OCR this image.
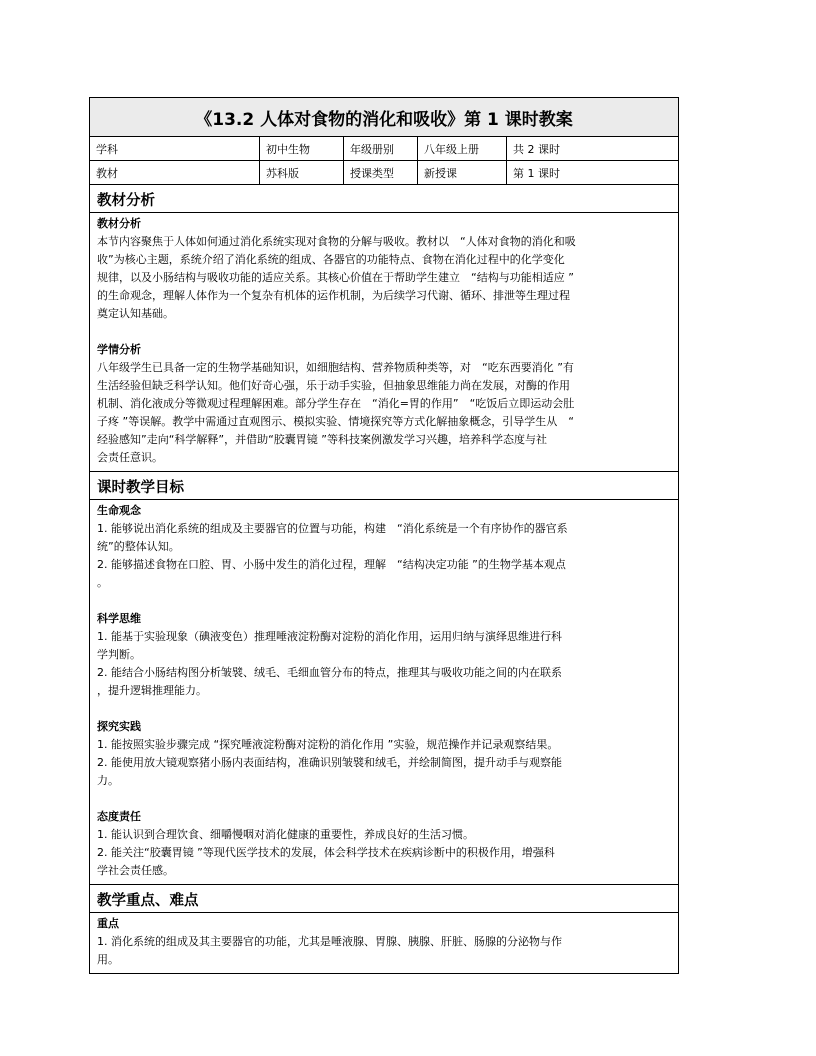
《13.2 人体对食物的消化和吸收》第 1 课时教案
学科	初中生物	年级册别	八年级上册	共 2 课时
教材	苏科版	授课类型	新授课	第 1 课时
教材分析
教材分析
本节内容聚焦于人体如何通过消化系统实现对食物的分解与吸收。教材以　“人体对食物的消化和吸
收”为核心主题，系统介绍了消化系统的组成、各器官的功能特点、食物在消化过程中的化学变化
规律，以及小肠结构与吸收功能的适应关系。其核心价值在于帮助学生建立　“结构与功能相适应 ”
的生命观念，理解人体作为一个复杂有机体的运作机制，为后续学习代谢、循环、排泄等生理过程
奠定认知基础。
学情分析
八年级学生已具备一定的生物学基础知识，如细胞结构、营养物质种类等，对　“吃东西要消化 ”有
生活经验但缺乏科学认知。他们好奇心强，乐于动手实验，但抽象思维能力尚在发展，对酶的作用
机制、消化液成分等微观过程理解困难。部分学生存在　“消化=胃的作用”　“吃饭后立即运动会肚
子疼 ”等误解。教学中需通过直观图示、模拟实验、情境探究等方式化解抽象概念，引导学生从　“
经验感知”走向“科学解释”，并借助“胶囊胃镜 ”等科技案例激发学习兴趣，培养科学态度与社
会责任意识。
课时教学目标
生命观念
1. 能够说出消化系统的组成及主要器官的位置与功能，构建　“消化系统是一个有序协作的器官系
统”的整体认知。
2. 能够描述食物在口腔、胃、小肠中发生的消化过程，理解　“结构决定功能 ”的生物学基本观点
。
科学思维
1. 能基于实验现象（碘液变色）推理唾液淀粉酶对淀粉的消化作用，运用归纳与演绎思维进行科
学判断。
2. 能结合小肠结构图分析皱襞、绒毛、毛细血管分布的特点，推理其与吸收功能之间的内在联系
，提升逻辑推理能力。
探究实践
1. 能按照实验步骤完成 “探究唾液淀粉酶对淀粉的消化作用 ”实验，规范操作并记录观察结果。
2. 能使用放大镜观察猪小肠内表面结构，准确识别皱襞和绒毛，并绘制简图，提升动手与观察能
力。
态度责任
1. 能认识到合理饮食、细嚼慢咽对消化健康的重要性，养成良好的生活习惯。
2. 能关注“胶囊胃镜 ”等现代医学技术的发展，体会科学技术在疾病诊断中的积极作用，增强科
学社会责任感。
教学重点、难点
重点
1. 消化系统的组成及其主要器官的功能，尤其是唾液腺、胃腺、胰腺、肝脏、肠腺的分泌物与作
用。
